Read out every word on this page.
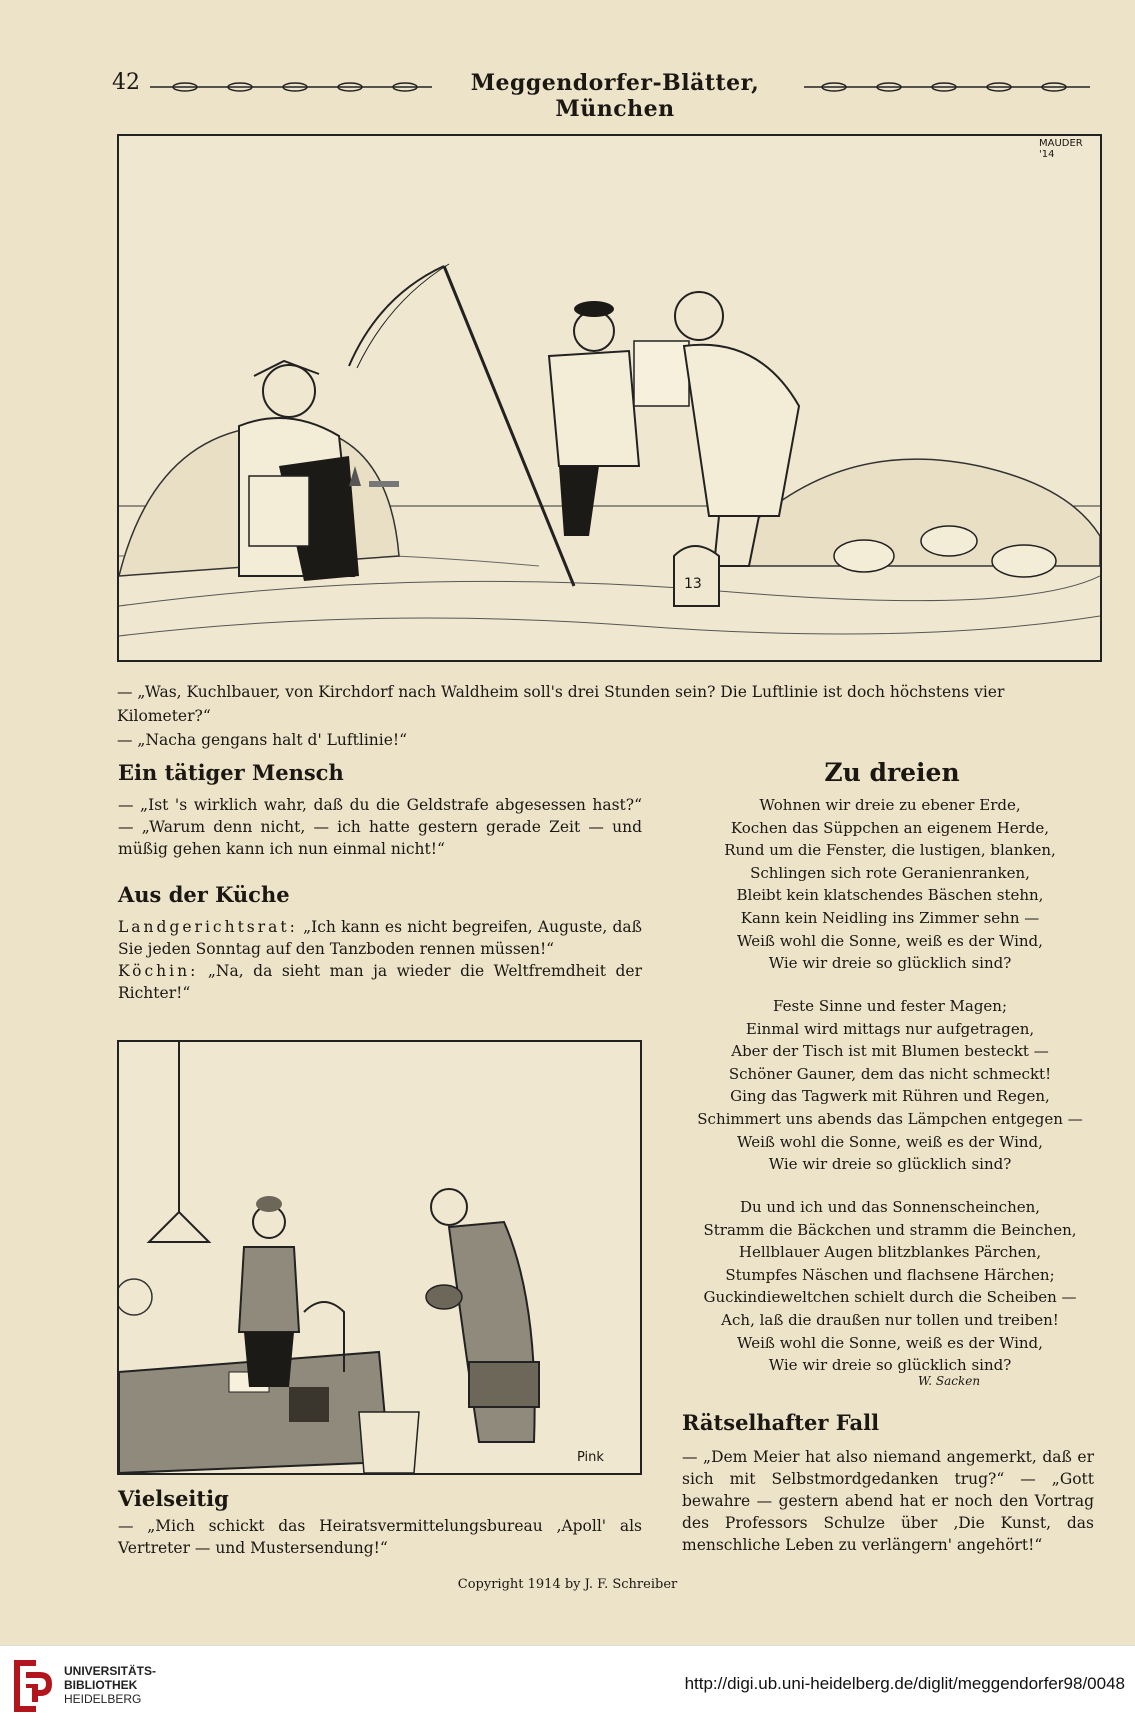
42	Meggendorfer-Blätter, München
MAUDER '14
13
— „Was, Kuchlbauer, von Kirchdorf nach Waldheim soll's drei Stunden sein? Die Luftlinie ist doch höchstens vier Kilometer?“
— „Nacha gengans halt d' Luftlinie!“
Ein tätiger Mensch
— „Ist 's wirklich wahr, daß du die Geldstrafe abgesessen hast?“ — „Warum denn nicht, — ich hatte gestern gerade Zeit — und müßig gehen kann ich nun einmal nicht!“
Aus der Küche
Landgerichtsrat: „Ich kann es nicht begreifen, Auguste, daß Sie jeden Sonntag auf den Tanzboden rennen müssen!“
Köchin: „Na, da sieht man ja wieder die Weltfremdheit der Richter!“
Pink
Vielseitig
— „Mich schickt das Heiratsvermittelungsbureau ‚Apoll' als Vertreter — und Mustersendung!“
Zu dreien
Wohnen wir dreie zu ebener Erde,
Kochen das Süppchen an eigenem Herde,
Rund um die Fenster, die lustigen, blanken,
Schlingen sich rote Geranienranken,
Bleibt kein klatschendes Bäschen stehn,
Kann kein Neidling ins Zimmer sehn —
Weiß wohl die Sonne, weiß es der Wind,
Wie wir dreie so glücklich sind?
Feste Sinne und fester Magen;
Einmal wird mittags nur aufgetragen,
Aber der Tisch ist mit Blumen besteckt —
Schöner Gauner, dem das nicht schmeckt!
Ging das Tagwerk mit Rühren und Regen,
Schimmert uns abends das Lämpchen entgegen —
Weiß wohl die Sonne, weiß es der Wind,
Wie wir dreie so glücklich sind?
Du und ich und das Sonnenscheinchen,
Stramm die Bäckchen und stramm die Beinchen,
Hellblauer Augen blitzblankes Pärchen,
Stumpfes Näschen und flachsene Härchen;
Guckindieweltchen schielt durch die Scheiben —
Ach, laß die draußen nur tollen und treiben!
Weiß wohl die Sonne, weiß es der Wind,
Wie wir dreie so glücklich sind?
W. Sacken
Rätselhafter Fall
— „Dem Meier hat also niemand angemerkt, daß er sich mit Selbstmordgedanken trug?“ — „Gott bewahre — gestern abend hat er noch den Vortrag des Professors Schulze über ‚Die Kunst, das menschliche Leben zu verlängern' angehört!“
Copyright 1914 by J. F. Schreiber
UNIVERSITÄTS-
BIBLIOTHEK
HEIDELBERG
http://digi.ub.uni-heidelberg.de/diglit/meggendorfer98/0048
